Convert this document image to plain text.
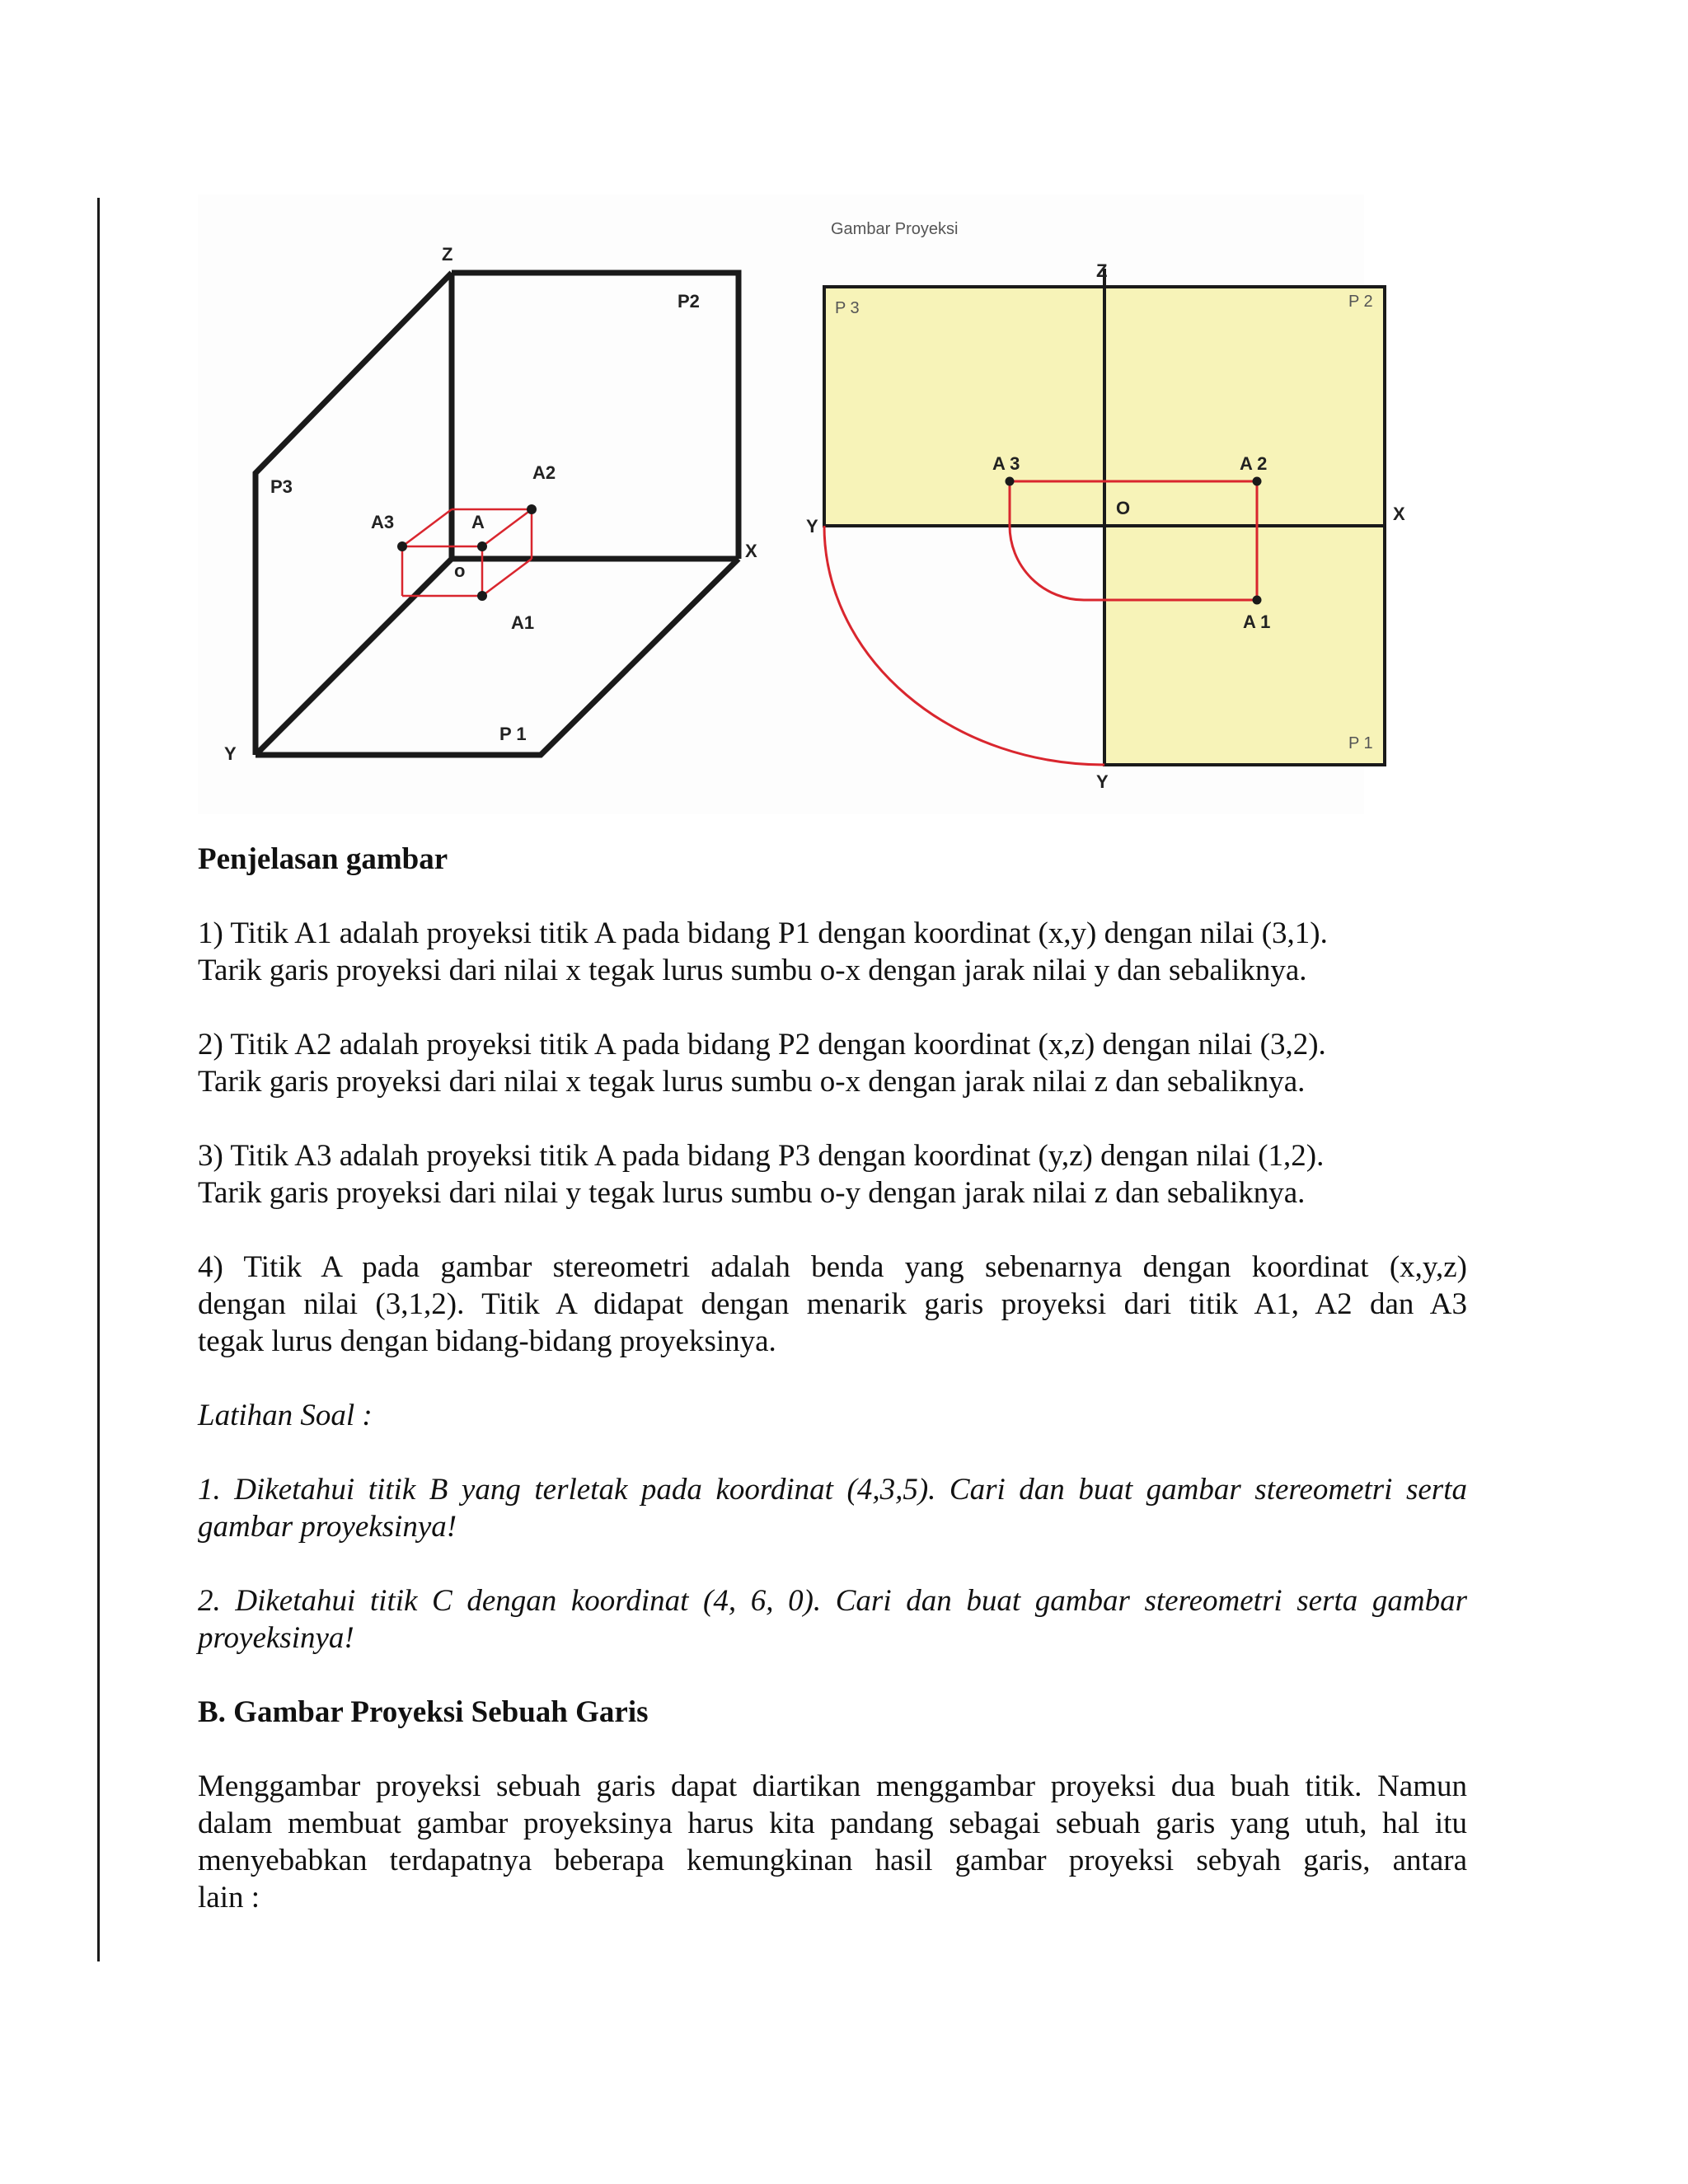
Z
X
Y
o
P2
P3
P 1
A
A3
A2
A1
Gambar Proyeksi
Z
X
Y
Y
O
P 3	P 2
P 1
A 3	A 2
A 1

Penjelasan gambar

1) Titik A1 adalah proyeksi titik A pada bidang P1 dengan koordinat (x,y) dengan nilai (3,1).

Tarik garis proyeksi dari nilai x tegak lurus sumbu o-x dengan jarak nilai y dan sebaliknya.

2) Titik A2 adalah proyeksi titik A pada bidang P2 dengan koordinat (x,z) dengan nilai (3,2).

Tarik garis proyeksi dari nilai x tegak lurus sumbu o-x dengan jarak nilai z dan sebaliknya.

3) Titik A3 adalah proyeksi titik A pada bidang P3 dengan koordinat (y,z) dengan nilai (1,2).

Tarik garis proyeksi dari nilai y tegak lurus sumbu o-y dengan jarak nilai z dan sebaliknya.

4) Titik A pada gambar stereometri adalah benda yang sebenarnya dengan koordinat (x,y,z)

dengan nilai (3,1,2). Titik A didapat dengan menarik garis proyeksi dari titik A1, A2 dan A3

tegak lurus dengan bidang-bidang proyeksinya.

Latihan Soal :

1. Diketahui titik B yang terletak pada koordinat (4,3,5). Cari dan buat gambar stereometri serta

gambar proyeksinya!

2. Diketahui titik C dengan koordinat (4, 6, 0). Cari dan buat gambar stereometri serta gambar

proyeksinya!

B. Gambar Proyeksi Sebuah Garis

Menggambar proyeksi sebuah garis dapat diartikan menggambar proyeksi dua buah titik. Namun

dalam membuat gambar proyeksinya harus kita pandang sebagai sebuah garis yang utuh, hal itu

menyebabkan terdapatnya beberapa kemungkinan hasil gambar proyeksi sebyah garis, antara

lain :
